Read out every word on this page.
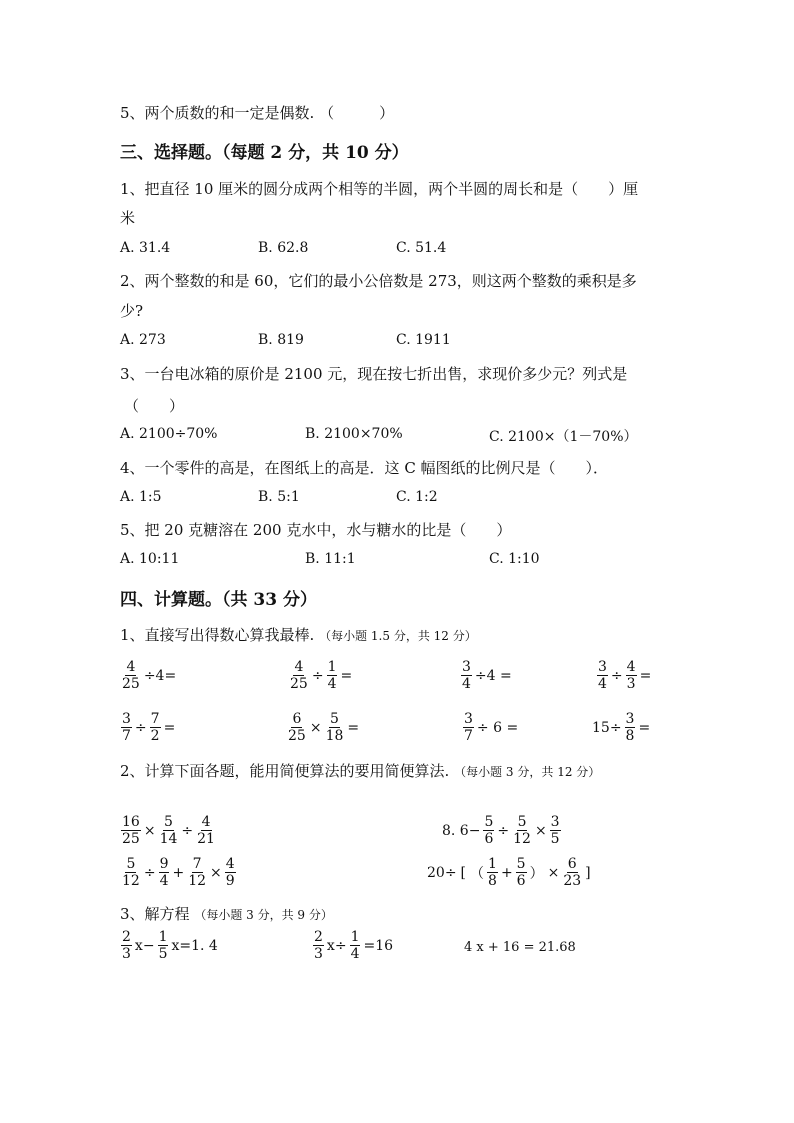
5、两个质数的和一定是偶数. （　　　）
三、选择题。（每题 2 分，共 10 分）
1、把直径 10 厘米的圆分成两个相等的半圆，两个半圆的周长和是（　　）厘
米
A. 31.4	B. 62.8	C. 51.4
2、两个整数的和是 60，它们的最小公倍数是 273，则这两个整数的乘积是多
少?
A. 273	B. 819	C. 1911
3、一台电冰箱的原价是 2100 元，现在按七折出售，求现价多少元？列式是
（　　）
A. 2100÷70%	B. 2100×70%	C. 2100×（1－70%）
4、一个零件的高是，在图纸上的高是．这 C 幅图纸的比例尺是（　　）．
A. 1:5	B. 5:1	C. 1:2
5、把 20 克糖溶在 200 克水中，水与糖水的比是（　　）
A. 10:11	B. 11:1	C. 1:10
四、计算题。（共 33 分）
1、直接写出得数心算我最棒. （每小题 1.5 分，共 12 分）
$\frac{4}{25} \div 4=$	$\frac{4}{25} \div \frac{1}{4}$ =	$\frac{3}{4} \div 4$ =	$\frac{3}{4} \div \frac{4}{3}$ =
$\frac{3}{7} \div \frac{7}{2}$ =	$\frac{6}{25} \times \frac{5}{18}$ =	$\frac{3}{7} \div 6$ =	$15\div \frac{3}{8}$ =
2、计算下面各题，能用简便算法的要用简便算法. （每小题 3 分，共 12 分）
$\frac{16}{25} \times \frac{5}{14} \div \frac{4}{21}$	8. $6- \frac{5}{6} \div \frac{5}{12} \times \frac{3}{5}$
$\frac{5}{12} \div \frac{9}{4} + \frac{7}{12} \times \frac{4}{9}$	20÷ [ （ $\frac{1}{8} + \frac{5}{6}$ ） × $\frac{6}{23}$ ]
3、解方程 （每小题 3 分，共 9 分）
$\frac{2}{3} x- \frac{1}{5} x=1$. 4	$\frac{2}{3} x\div \frac{1}{4} =16$	4 x + 16 = 21.68
